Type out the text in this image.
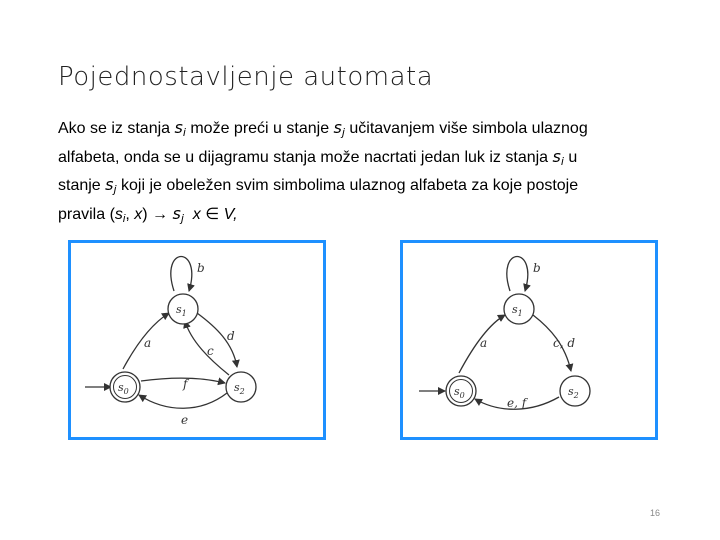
Pojednostavljenje automata
Ako se iz stanja $s_i$ može preći u stanje $s_j$ učitavanjem više simbola ulaznog
alfabeta, onda se u dijagramu stanja može nacrtati jedan luk iz stanja $s_i$ u
stanje $s_j$ koji je obeležen svim simbolima ulaznog alfabeta za koje postoje
pravila ($s_i$, $x) \to s_j$ x ∈ V,
$s_1$
$s_0$	$s_2$
b
a	d
c
f
e
$s_1$
$s_0$	$s_2$
b
a	c, d
e, f
16
